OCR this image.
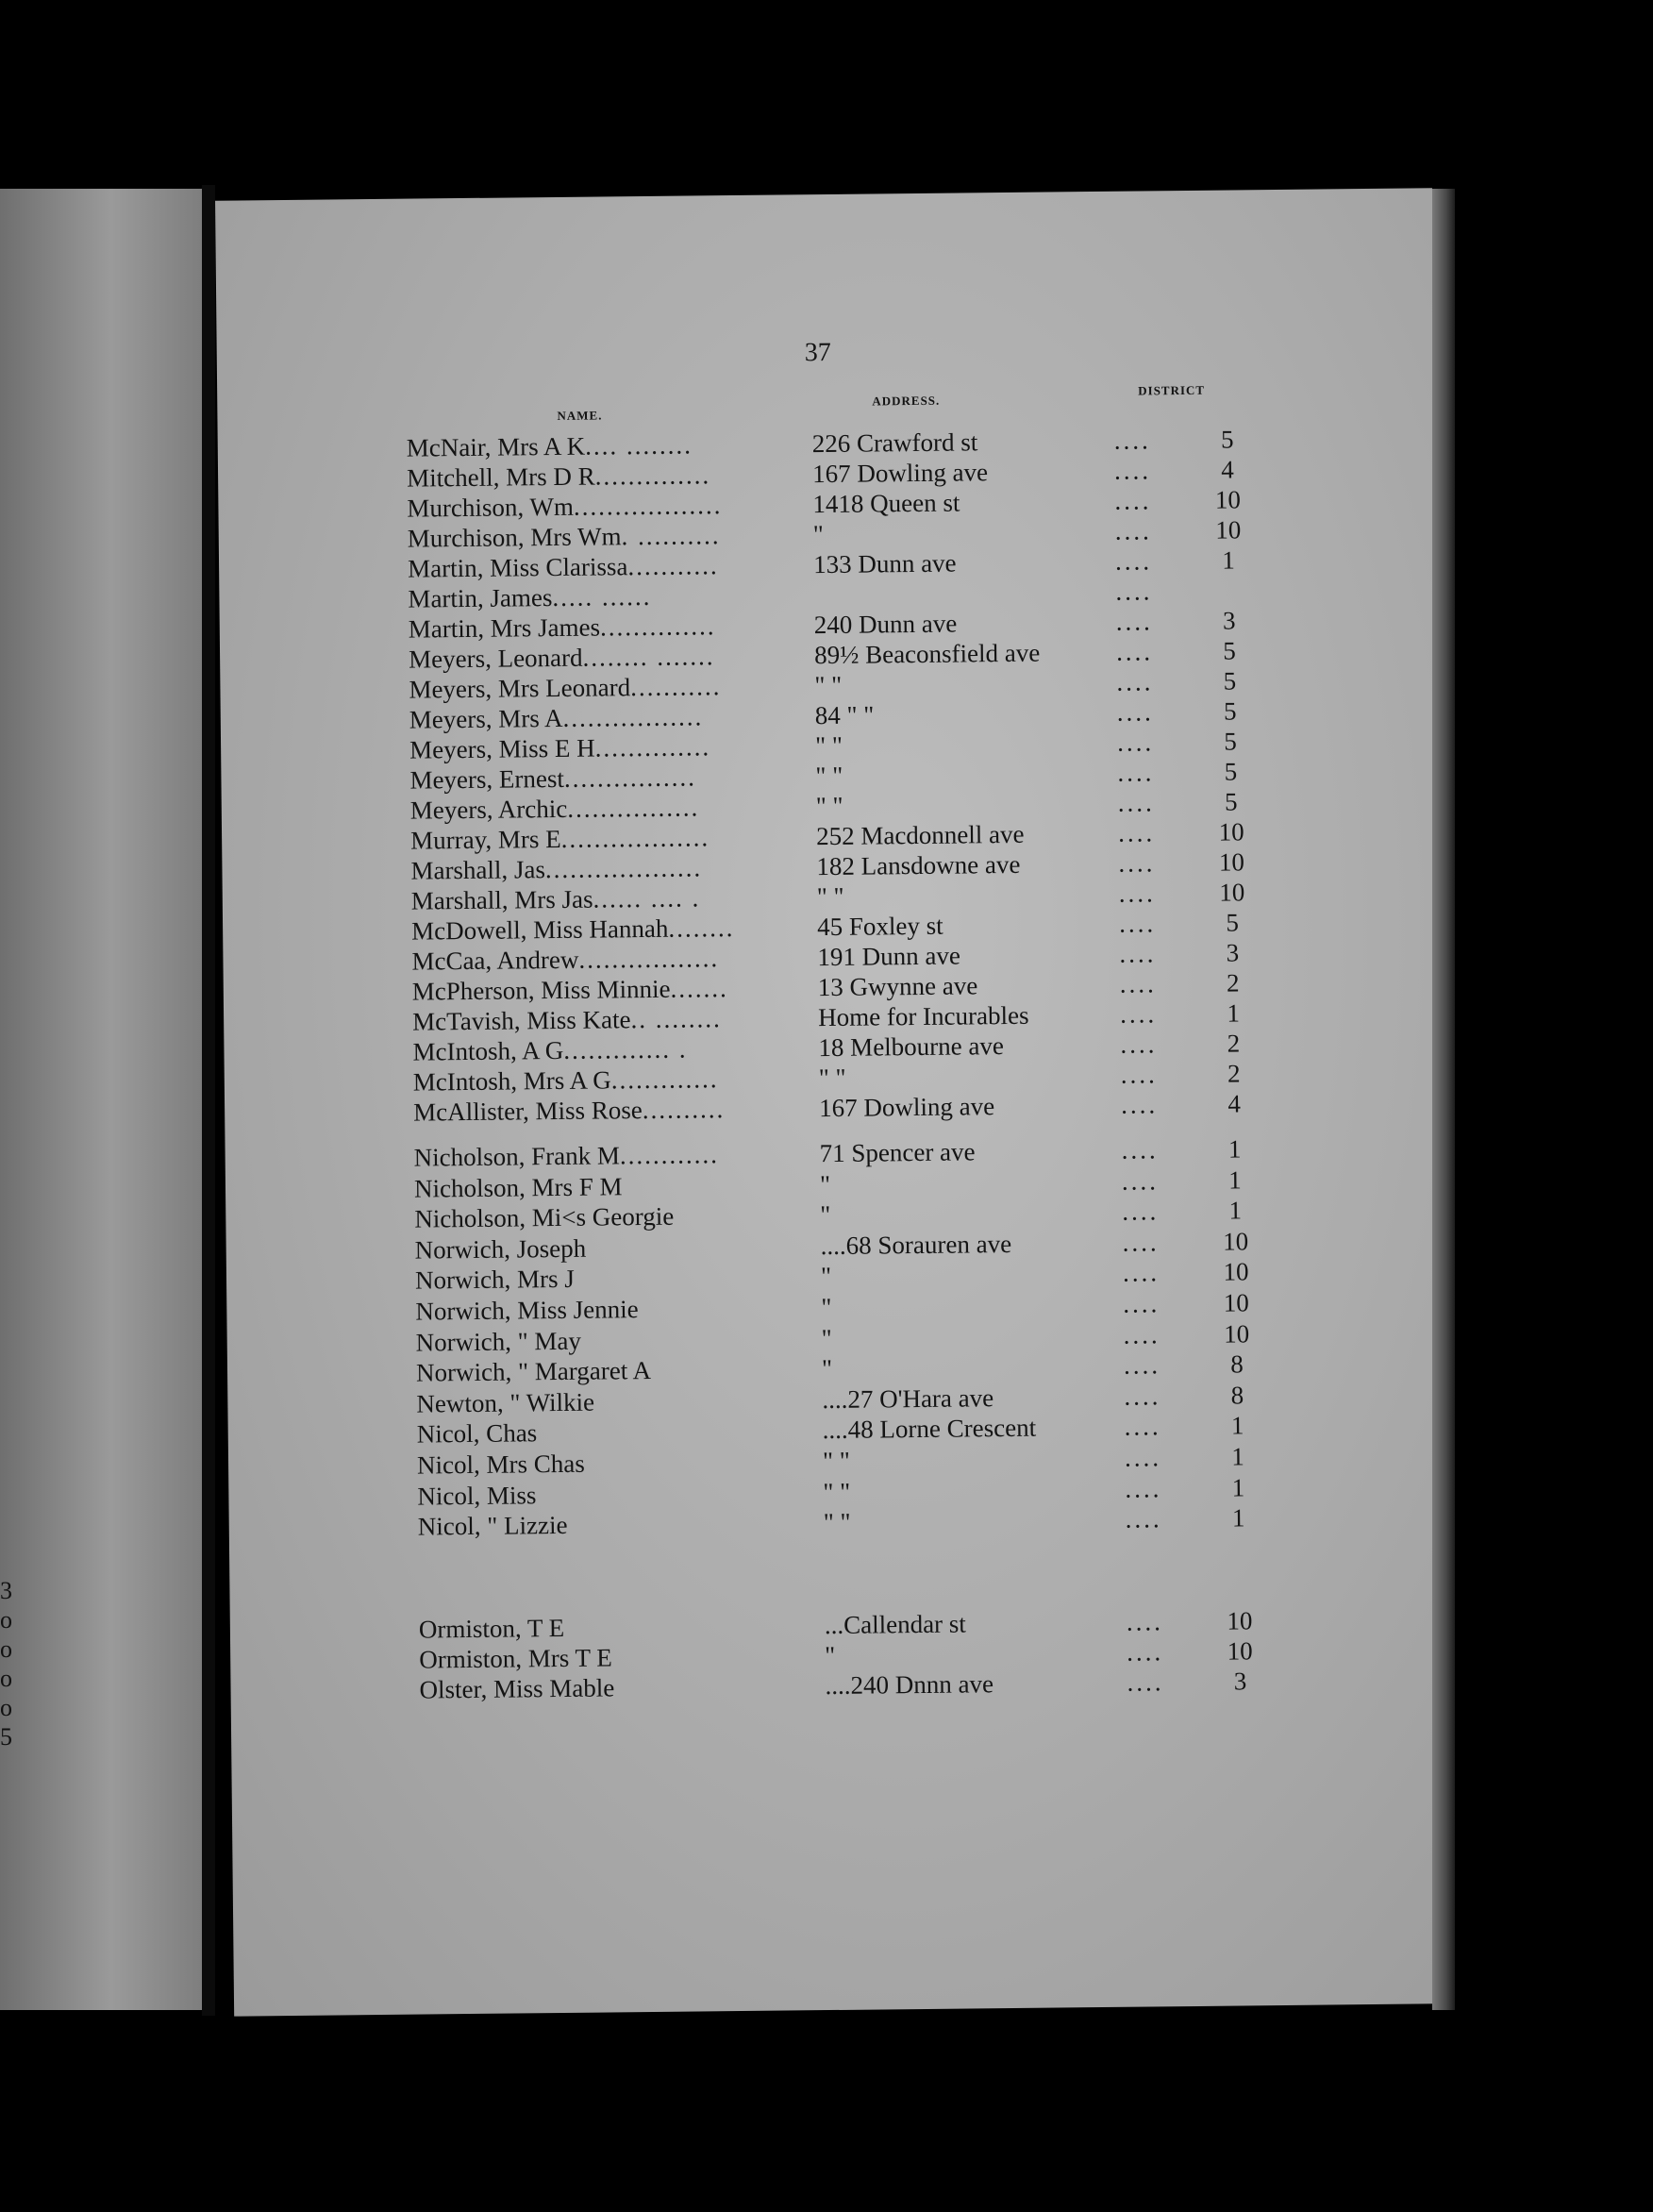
3
o
o
o
o
5
37
NAME.
ADDRESS.
DISTRICT
McNair, Mrs A K.... ........	226 Crawford st	....	5
Mitchell, Mrs D R..............	167 Dowling ave	....	4
Murchison, Wm..................	1418 Queen st	.... 10
Murchison, Mrs Wm. ..........	"	.... 10
Martin, Miss Clarissa...........	133 Dunn ave	....	1
Martin, James..... ......	....
Martin, Mrs James..............	240 Dunn ave	....	3
Meyers, Leonard........ .......	89½ Beaconsfield ave	....	5
Meyers, Mrs Leonard...........	" "	....	5
Meyers, Mrs A.................	84 " "	....	5
Meyers, Miss E H..............	" "	....	5
Meyers, Ernest................	" "	....	5
Meyers, Archic................	" "	....	5
Murray, Mrs E..................	252 Macdonnell ave	.... 10
Marshall, Jas...................	182 Lansdowne ave	.... 10
Marshall, Mrs Jas...... .... .	" "	.... 10
McDowell, Miss Hannah........	45 Foxley st	....	5
McCaa, Andrew.................	191 Dunn ave	....	3
McPherson, Miss Minnie.......	13 Gwynne ave	....	2
McTavish, Miss Kate.. ........	Home for Incurables	....	1
McIntosh, A G............. .	18 Melbourne ave	....	2
McIntosh, Mrs A G.............	" "	....	2
McAllister, Miss Rose..........	167 Dowling ave	....	4
Nicholson, Frank M............	71 Spencer ave	....	1
Nicholson, Mrs F M	"	....	1
Nicholson, Mi<s Georgie	"	....	1
Norwich, Joseph	....68 Sorauren ave	.... 10
Norwich, Mrs J	"	.... 10
Norwich, Miss Jennie	"	.... 10
Norwich, " May	"	.... 10
Norwich, " Margaret A	"	....	8
Newton, " Wilkie	....27 O'Hara ave	....	8
Nicol, Chas	....48 Lorne Crescent	....	1
Nicol, Mrs Chas	" "	....	1
Nicol, Miss	" "	....	1
Nicol, " Lizzie	" "	....	1
Ormiston, T E	...Callendar st	.... 10
Ormiston, Mrs T E	"	.... 10
Olster, Miss Mable	....240 Dnnn ave	....	3
